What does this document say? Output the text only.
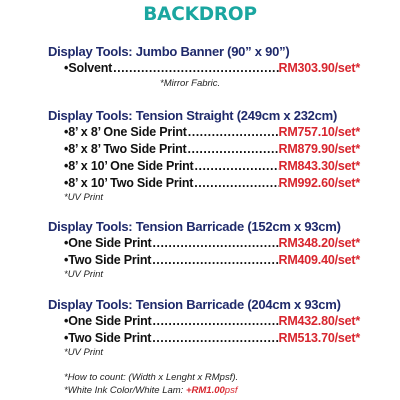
BACKDROP
Display Tools: Jumbo Banner (90” x 90”)
• Solvent .....	RM303.90/set*
*Mirror Fabric.
Display Tools: Tension Straight (249cm x 232cm)
• 8’ x 8’ One Side Print .....	RM757.10/set*
• 8’ x 8’ Two Side Print .....	RM879.90/set*
• 8’ x 10’ One Side Print .....	RM843.30/set*
• 8’ x 10’ Two Side Print .....	RM992.60/set*
*UV Print
Display Tools: Tension Barricade (152cm x 93cm)
• One Side Print .....	RM348.20/set*
• Two Side Print .....	RM409.40/set*
*UV Print
Display Tools: Tension Barricade (204cm x 93cm)
• One Side Print .....	RM432.80/set*
• Two Side Print .....	RM513.70/set*
*UV Print
*How to count: (Width x Lenght x RMpsf).
*White Ink Color/White Lam: +RM1.00psf
